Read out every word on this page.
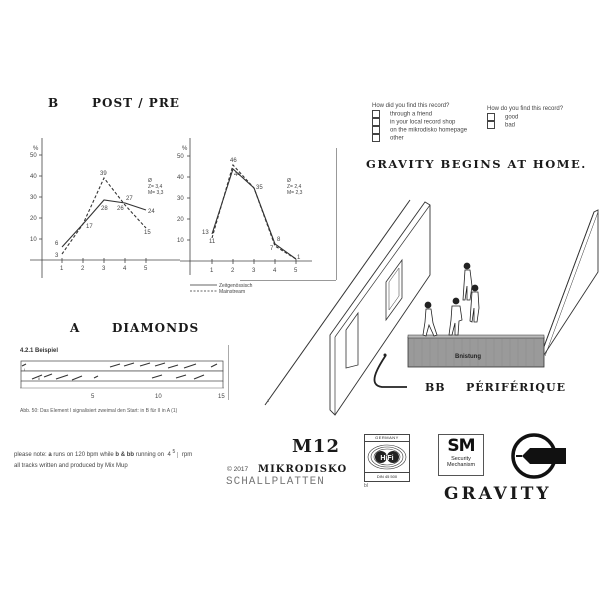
B	POST / PRE
%
10
20
30
40
50
1	2	3	4	5
6
3
17
39
28
27
26	24
15
Ø
Z= 3,4
M= 3,3
%
10
20
30
40
50
1	2	3	4	5
13
11
46
44
35
8
7
1
Ø
Z= 2,4
M= 2,3
Zeitgenössisch
Mainstream
How did you find this record?
through a friend
in your local record shop
on the mikrodisko homepage
other
How do you find this record?
good
bad
GRAVITY BEGINS AT HOME.
1
Bnistung
BB PÉRIFÉRIQUE
A	DIAMONDS
4.2.1 Beispiel
I
II
5	10	15
Abb. 50: Das Element I signalisiert zweimal den Start: in B für II in A (1)
please note: a runs on 120 bpm while b & bb running on  4 $^5$ rpm
all tracks written and produced by Mix Mup
M12
© 2017 MIKRODISKO
SCHALLPLATTEN
GERMANY
HiFi
DIN 45 500
bl
SM
Security
Mechanism
GRAVITY
